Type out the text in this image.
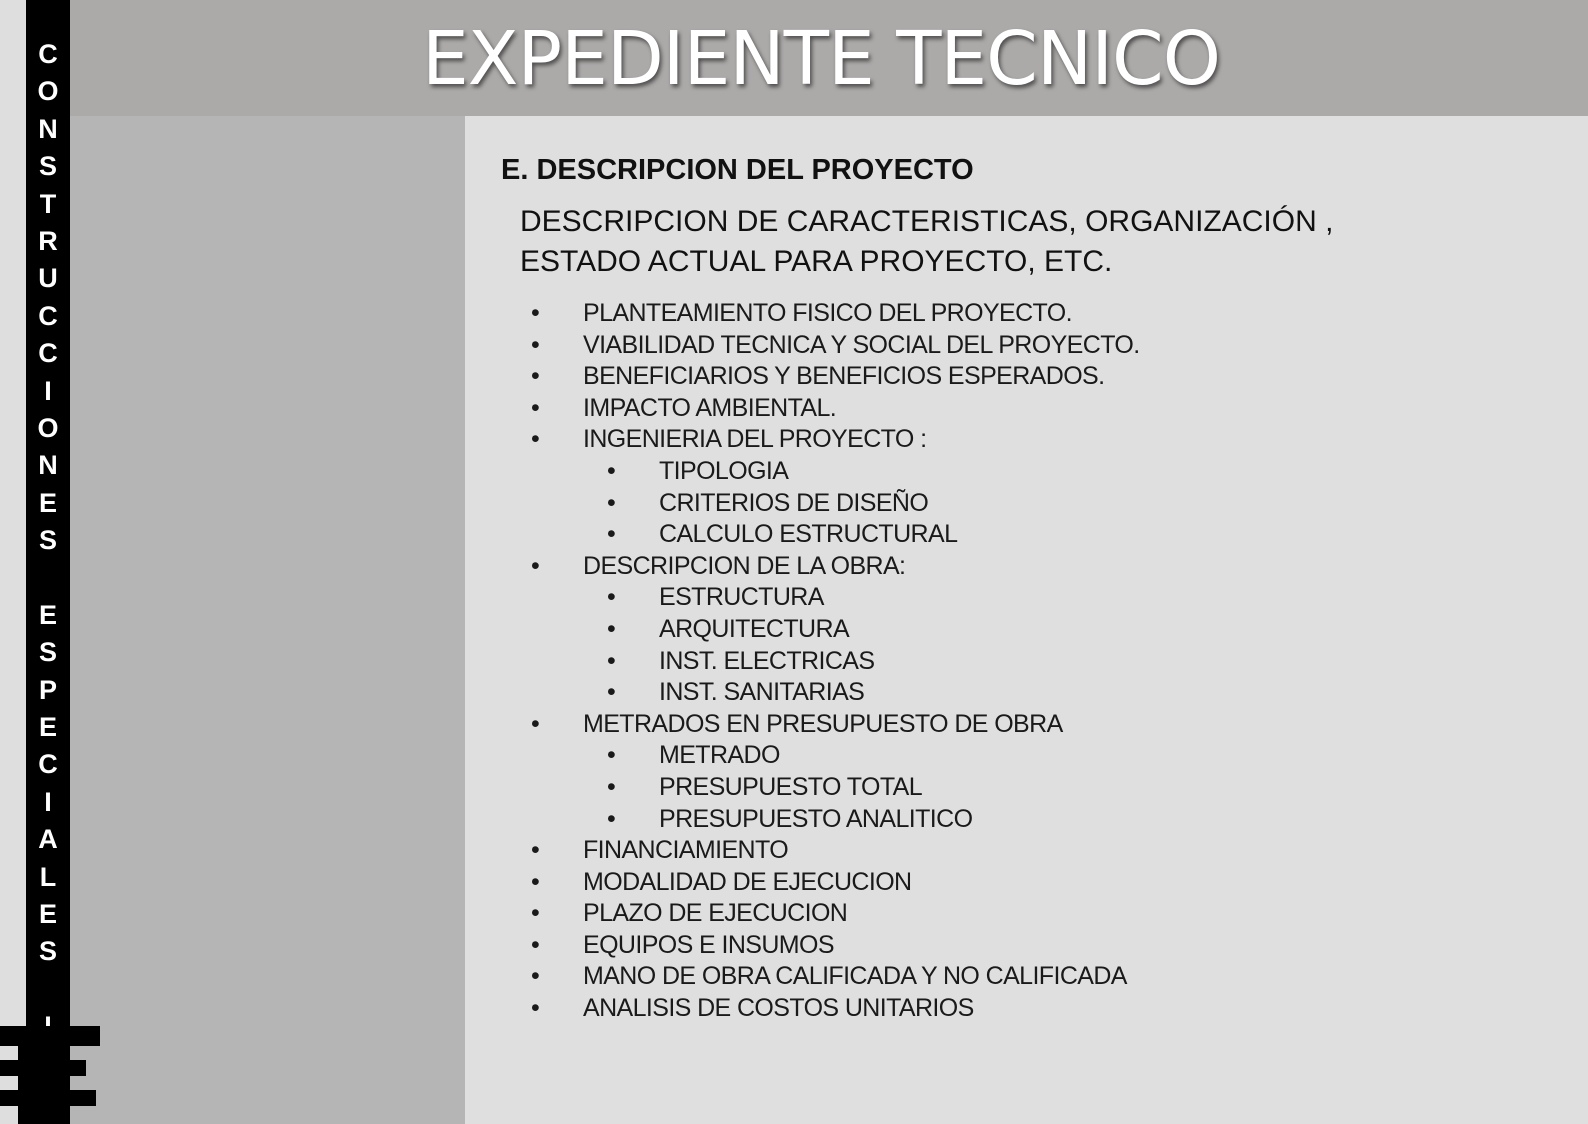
C
O
N
S
T
R
U
C
C
I
O
N
E
S
E
S
P
E
C
I
A
L
E
S
EXPEDIENTE TECNICO
E. DESCRIPCION DEL PROYECTO
DESCRIPCION DE CARACTERISTICAS, ORGANIZACIÓN ,
ESTADO ACTUAL PARA PROYECTO, ETC.
• PLANTEAMIENTO FISICO DEL PROYECTO.
• VIABILIDAD TECNICA Y SOCIAL DEL PROYECTO.
• BENEFICIARIOS Y BENEFICIOS ESPERADOS.
• IMPACTO AMBIENTAL.
• INGENIERIA DEL PROYECTO :
• TIPOLOGIA
• CRITERIOS DE DISEÑO
• CALCULO ESTRUCTURAL
• DESCRIPCION DE LA OBRA:
• ESTRUCTURA
• ARQUITECTURA
• INST. ELECTRICAS
• INST. SANITARIAS
• METRADOS EN PRESUPUESTO DE OBRA
• METRADO
• PRESUPUESTO TOTAL
• PRESUPUESTO ANALITICO
• FINANCIAMIENTO
• MODALIDAD DE EJECUCION
• PLAZO DE EJECUCION
• EQUIPOS E INSUMOS
• MANO DE OBRA CALIFICADA Y NO CALIFICADA
• ANALISIS DE COSTOS UNITARIOS
